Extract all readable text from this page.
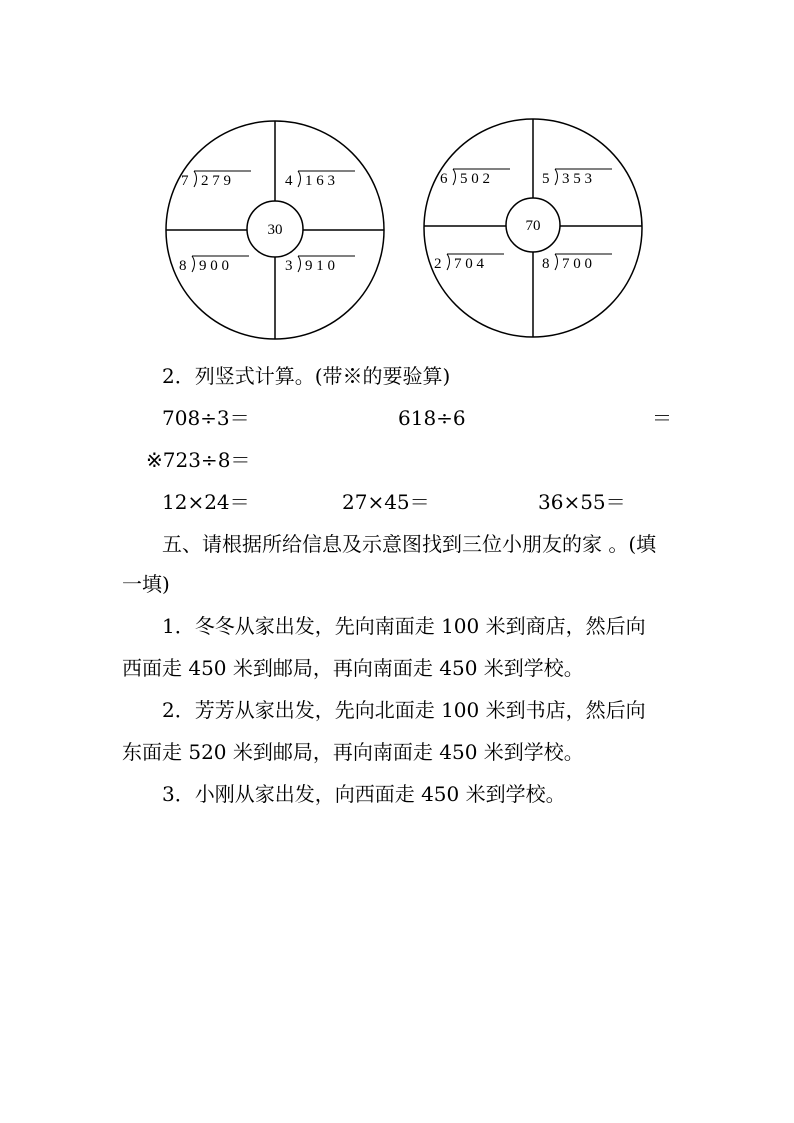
30
7 2 7 9	4 1 6 3
8 9 0 0	3 9 1 0
70
6 5 0 2	5 3 5 3
2 7 0 4	8 7 0 0
2．列竖式计算。(带※的要验算)
708÷3＝	618÷6	＝
※723÷8＝
12×24＝	27×45＝	36×55＝
五、请根据所给信息及示意图找到三位小朋友的家 。(填
一填)
1．冬冬从家出发，先向南面走 100 米到商店，然后向
西面走 450 米到邮局，再向南面走 450 米到学校。
2．芳芳从家出发，先向北面走 100 米到书店，然后向
东面走 520 米到邮局，再向南面走 450 米到学校。
3．小刚从家出发，向西面走 450 米到学校。
